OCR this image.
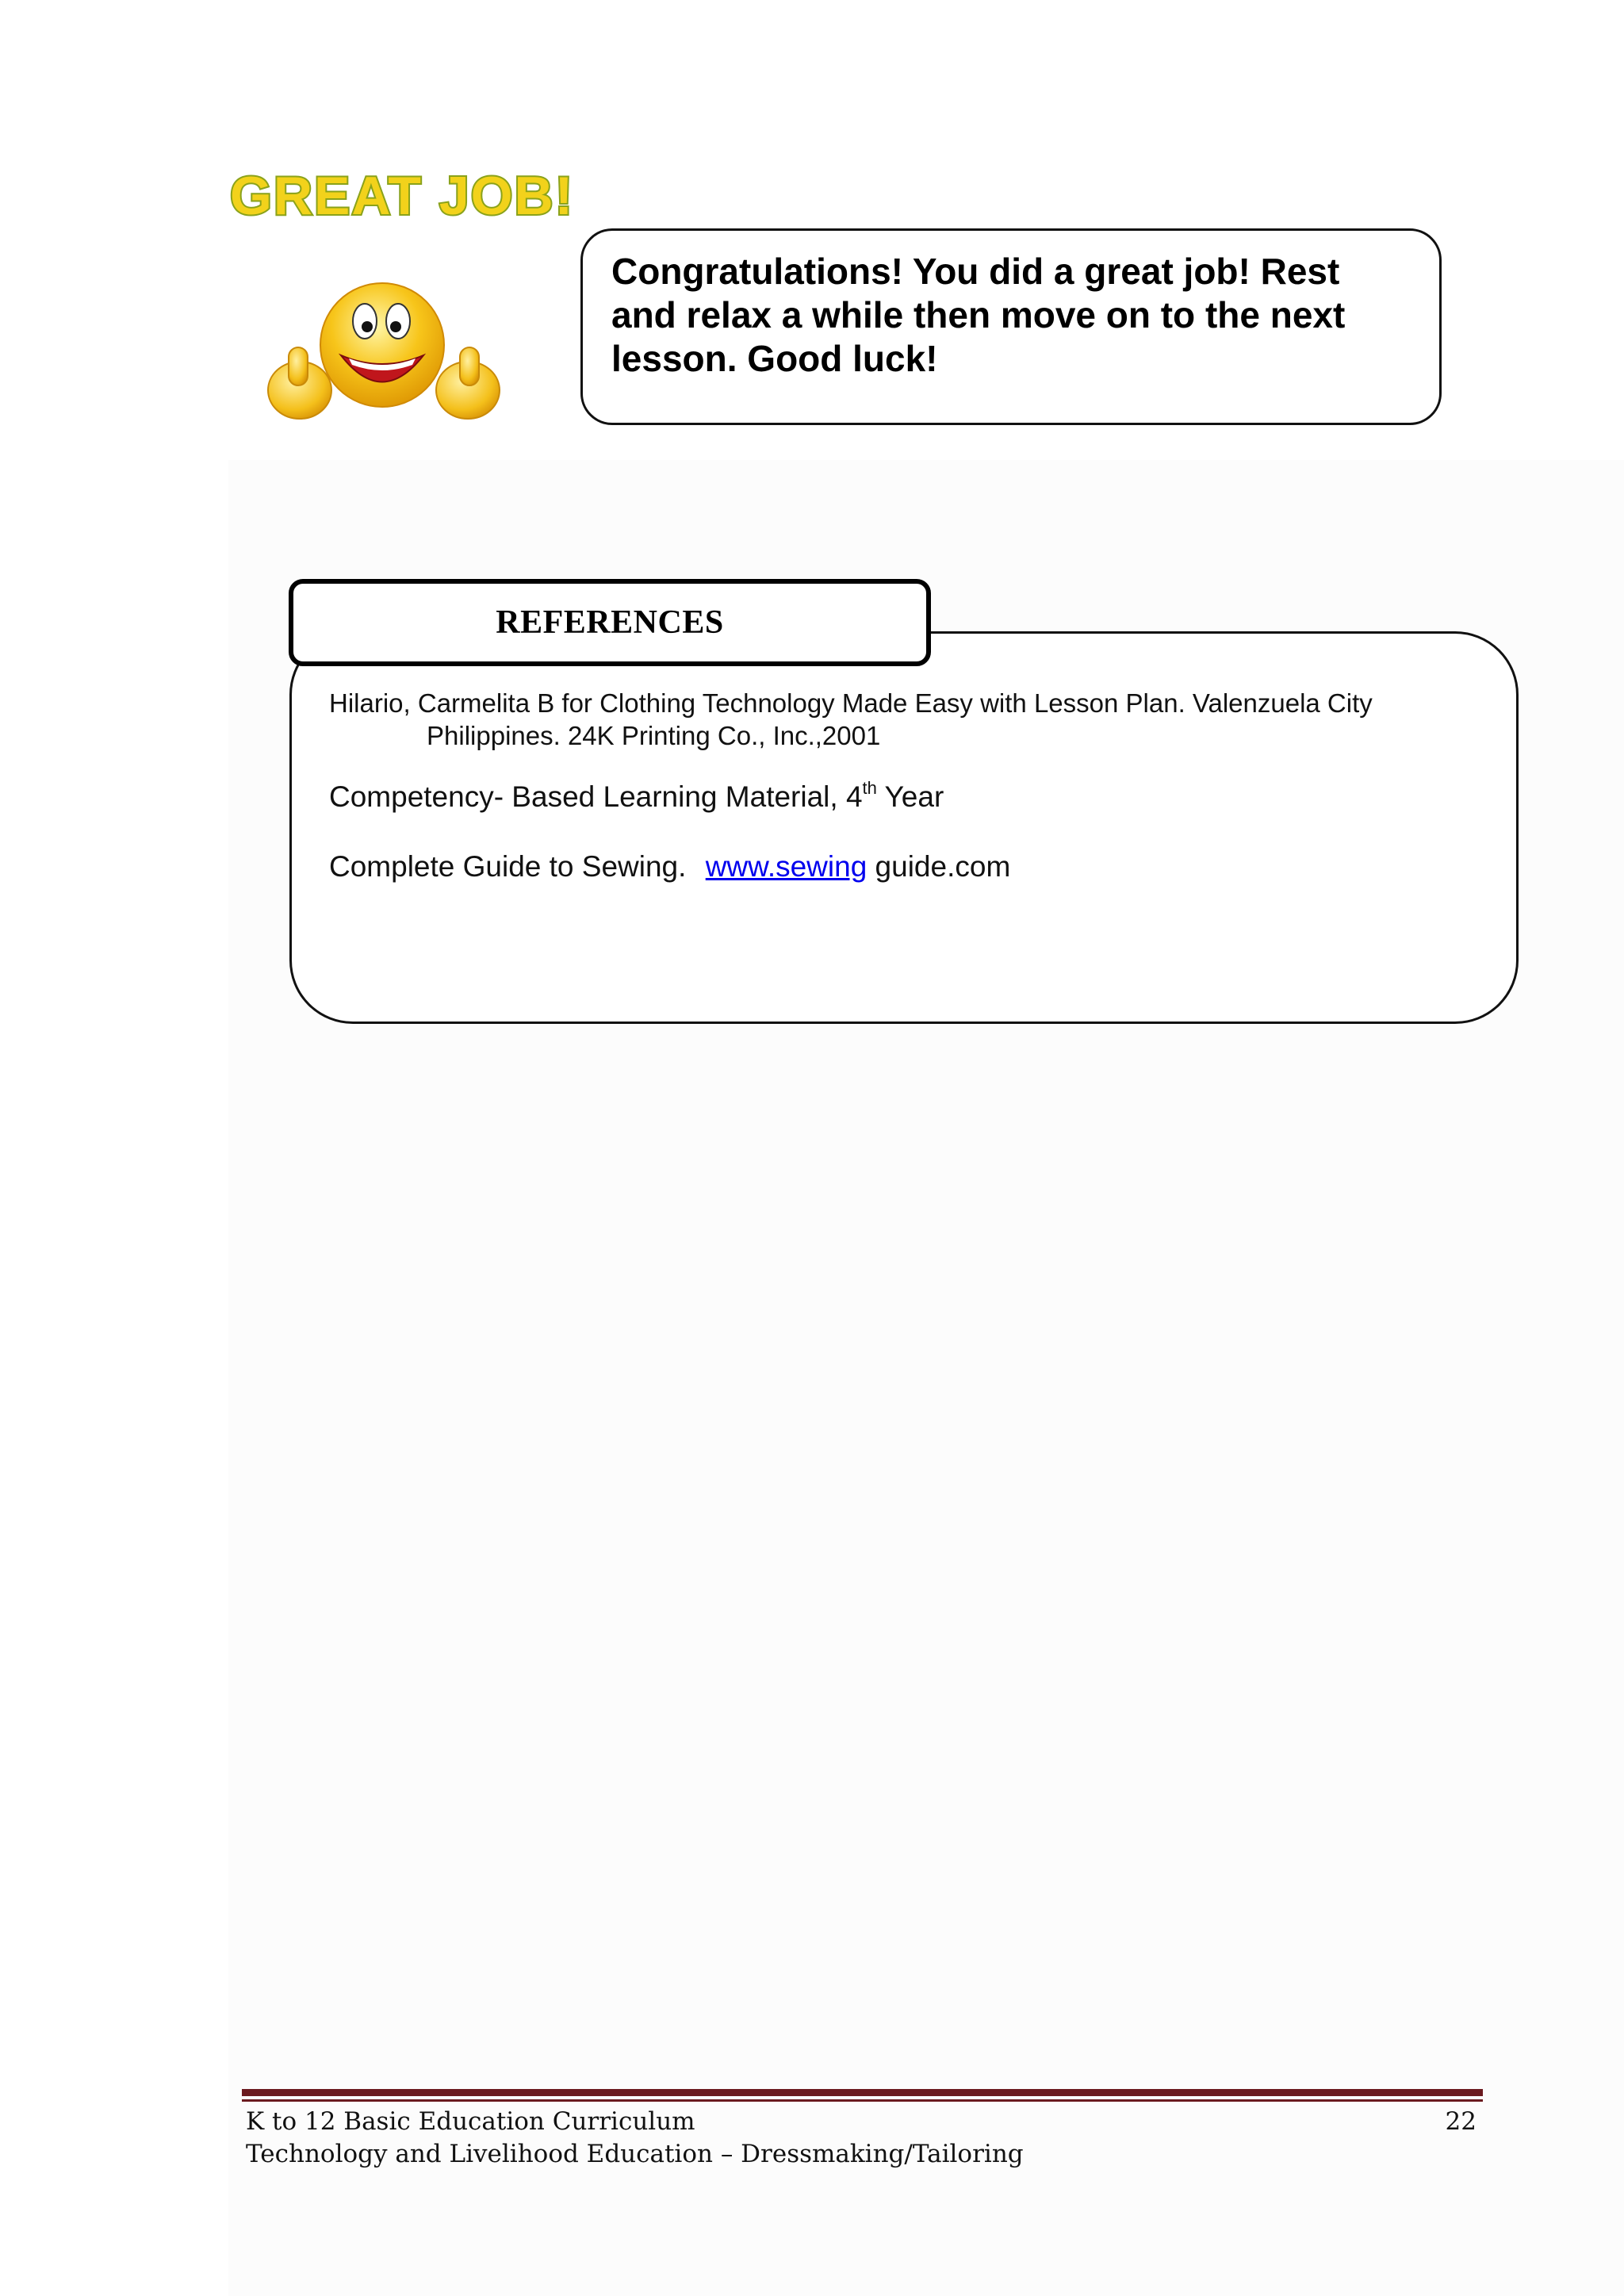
GREAT JOB!

Congratulations! You did a great job! Rest and relax a while then move on to the next lesson. Good luck!

REFERENCES

Hilario, Carmelita B for Clothing Technology Made Easy with Lesson Plan. Valenzuela City
Philippines. 24K Printing Co., Inc.,2001

Competency- Based Learning Material, 4th Year

Complete Guide to Sewing. www.sewing guide.com

K to 12 Basic Education Curriculum

Technology and Livelihood Education – Dressmaking/Tailoring

22
